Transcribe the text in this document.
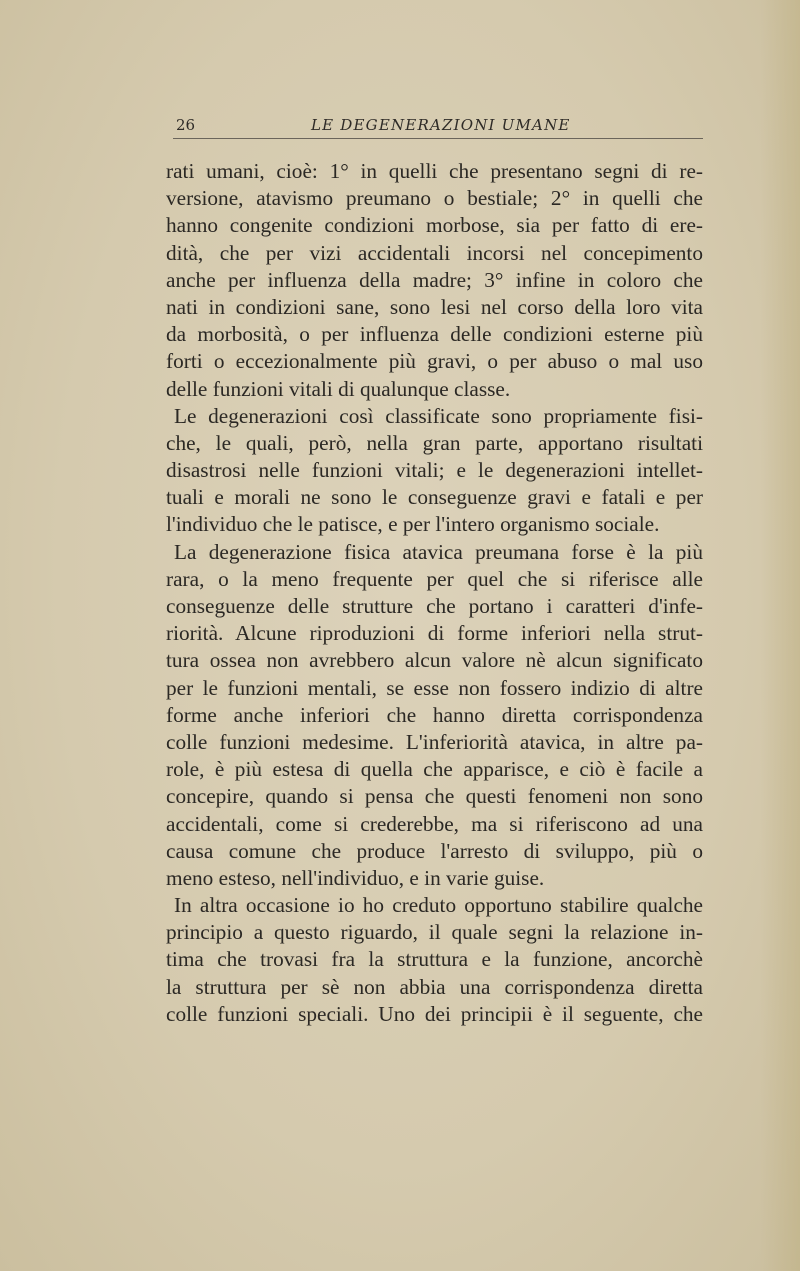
26	LE DEGENERAZIONI UMANE
rati umani, cioè: 1° in quelli che presentano segni di re-
versione, atavismo preumano o bestiale; 2° in quelli che
hanno congenite condizioni morbose, sia per fatto di ere-
dità, che per vizi accidentali incorsi nel concepimento
anche per influenza della madre; 3° infine in coloro che
nati in condizioni sane, sono lesi nel corso della loro vita
da morbosità, o per influenza delle condizioni esterne più
forti o eccezionalmente più gravi, o per abuso o mal uso
delle funzioni vitali di qualunque classe.
Le degenerazioni così classificate sono propriamente fisi-
che, le quali, però, nella gran parte, apportano risultati
disastrosi nelle funzioni vitali; e le degenerazioni intellet-
tuali e morali ne sono le conseguenze gravi e fatali e per
l'individuo che le patisce, e per l'intero organismo sociale.
La degenerazione fisica atavica preumana forse è la più
rara, o la meno frequente per quel che si riferisce alle
conseguenze delle strutture che portano i caratteri d'infe-
riorità. Alcune riproduzioni di forme inferiori nella strut-
tura ossea non avrebbero alcun valore nè alcun significato
per le funzioni mentali, se esse non fossero indizio di altre
forme anche inferiori che hanno diretta corrispondenza
colle funzioni medesime. L'inferiorità atavica, in altre pa-
role, è più estesa di quella che apparisce, e ciò è facile a
concepire, quando si pensa che questi fenomeni non sono
accidentali, come si crederebbe, ma si riferiscono ad una
causa comune che produce l'arresto di sviluppo, più o
meno esteso, nell'individuo, e in varie guise.
In altra occasione io ho creduto opportuno stabilire qualche
principio a questo riguardo, il quale segni la relazione in-
tima che trovasi fra la struttura e la funzione, ancorchè
la struttura per sè non abbia una corrispondenza diretta
colle funzioni speciali. Uno dei principii è il seguente, che
